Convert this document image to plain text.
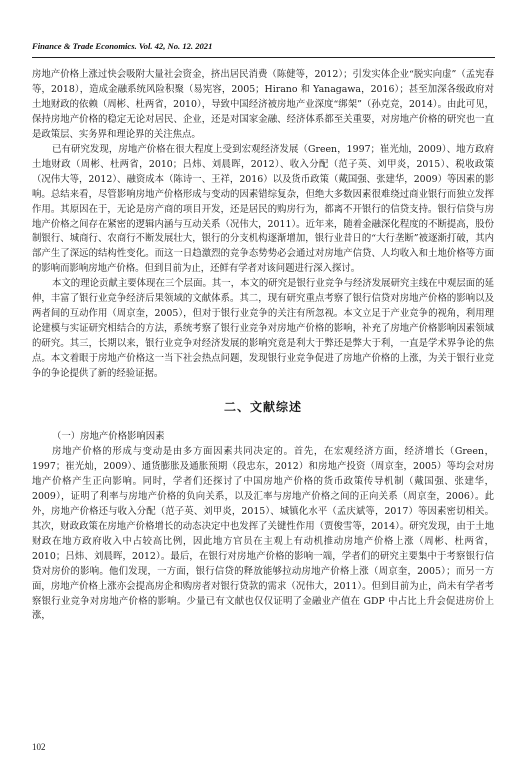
Finance & Trade Economics. Vol. 42, No. 12. 2021

房地产价格上涨过快会吸附大量社会资金，挤出居民消费（陈健等，2012）；引发实体企业“脱实向虚”（孟宪春等，2018），造成金融系统风险积聚（易宪容，2005；Hirano 和 Yanagawa，2016）；甚至加深各级政府对土地财政的依赖（周彬、杜两省，2010），导致中国经济被房地产业深度“绑架”（孙克竞，2014）。由此可见，保持房地产价格的稳定无论对居民、企业，还是对国家金融、经济体系都至关重要，对房地产价格的研究也一直是政策层、实务界和理论界的关注焦点。

已有研究发现，房地产价格在很大程度上受到宏观经济发展（Green，1997；崔光灿，2009）、地方政府土地财政（周彬、杜两省，2010；吕炜、刘晨晖，2012）、收入分配（范子英、刘甲炎，2015）、税收政策（况伟大等，2012）、融资成本（陈诗一、王祥，2016）以及货币政策（戴国强、张建华，2009）等因素的影响。总结来看，尽管影响房地产价格形成与变动的因素错综复杂，但绝大多数因素很难绕过商业银行而独立发挥作用。其原因在于，无论是房产商的项目开发，还是居民的购房行为，都离不开银行的信贷支持。银行信贷与房地产价格之间存在紧密的逻辑内涵与互动关系（况伟大，2011）。近年来，随着金融深化程度的不断提高，股份制银行、城商行、农商行不断发展壮大，银行的分支机构逐渐增加，银行业昔日的“大行垄断”被逐渐打破，其内部产生了深远的结构性变化。而这一日趋激烈的竞争态势势必会通过对房地产信贷、人均收入和土地价格等方面的影响而影响房地产价格。但到目前为止，还鲜有学者对该问题进行深入探讨。

本文的理论贡献主要体现在三个层面。其一，本文的研究是银行业竞争与经济发展研究主线在中观层面的延伸，丰富了银行业竞争经济后果领域的文献体系。其二，现有研究重点考察了银行信贷对房地产价格的影响以及两者间的互动作用（周京奎，2005），但对于银行业竞争的关注有所忽视。本文立足于产业竞争的视角，利用理论建模与实证研究相结合的方法，系统考察了银行业竞争对房地产价格的影响，补充了房地产价格影响因素领域的研究。其三，长期以来，银行业竞争对经济发展的影响究竟是利大于弊还是弊大于利，一直是学术界争论的焦点。本文着眼于房地产价格这一当下社会热点问题，发现银行业竞争促进了房地产价格的上涨，为关于银行业竞争的争论提供了新的经验证据。

二、文献综述

（一）房地产价格影响因素

房地产价格的形成与变动是由多方面因素共同决定的。首先，在宏观经济方面，经济增长（Green，1997；崔光灿，2009）、通货膨胀及通胀预期（段忠东，2012）和房地产投资（周京奎，2005）等均会对房地产价格产生正向影响。同时，学者们还探讨了中国房地产价格的货币政策传导机制（戴国强、张建华，2009），证明了利率与房地产价格的负向关系，以及汇率与房地产价格之间的正向关系（周京奎，2006）。此外，房地产价格还与收入分配（范子英、刘甲炎，2015）、城镇化水平（孟庆斌等，2017）等因素密切相关。其次，财政政策在房地产价格增长的动态决定中也发挥了关键性作用（贾俊雪等，2014）。研究发现，由于土地财政在地方政府收入中占较高比例，因此地方官员在主观上有动机推动房地产价格上涨（周彬、杜两省，2010；吕炜、刘晨晖，2012）。最后，在银行对房地产价格的影响一端，学者们的研究主要集中于考察银行信贷对房价的影响。他们发现，一方面，银行信贷的释放能够拉动房地产价格上涨（周京奎，2005）；而另一方面，房地产价格上涨亦会提高房企和购房者对银行贷款的需求（况伟大，2011）。但到目前为止，尚未有学者考察银行业竞争对房地产价格的影响。少量已有文献也仅仅证明了金融业产值在 GDP 中占比上升会促进房价上涨，

102
